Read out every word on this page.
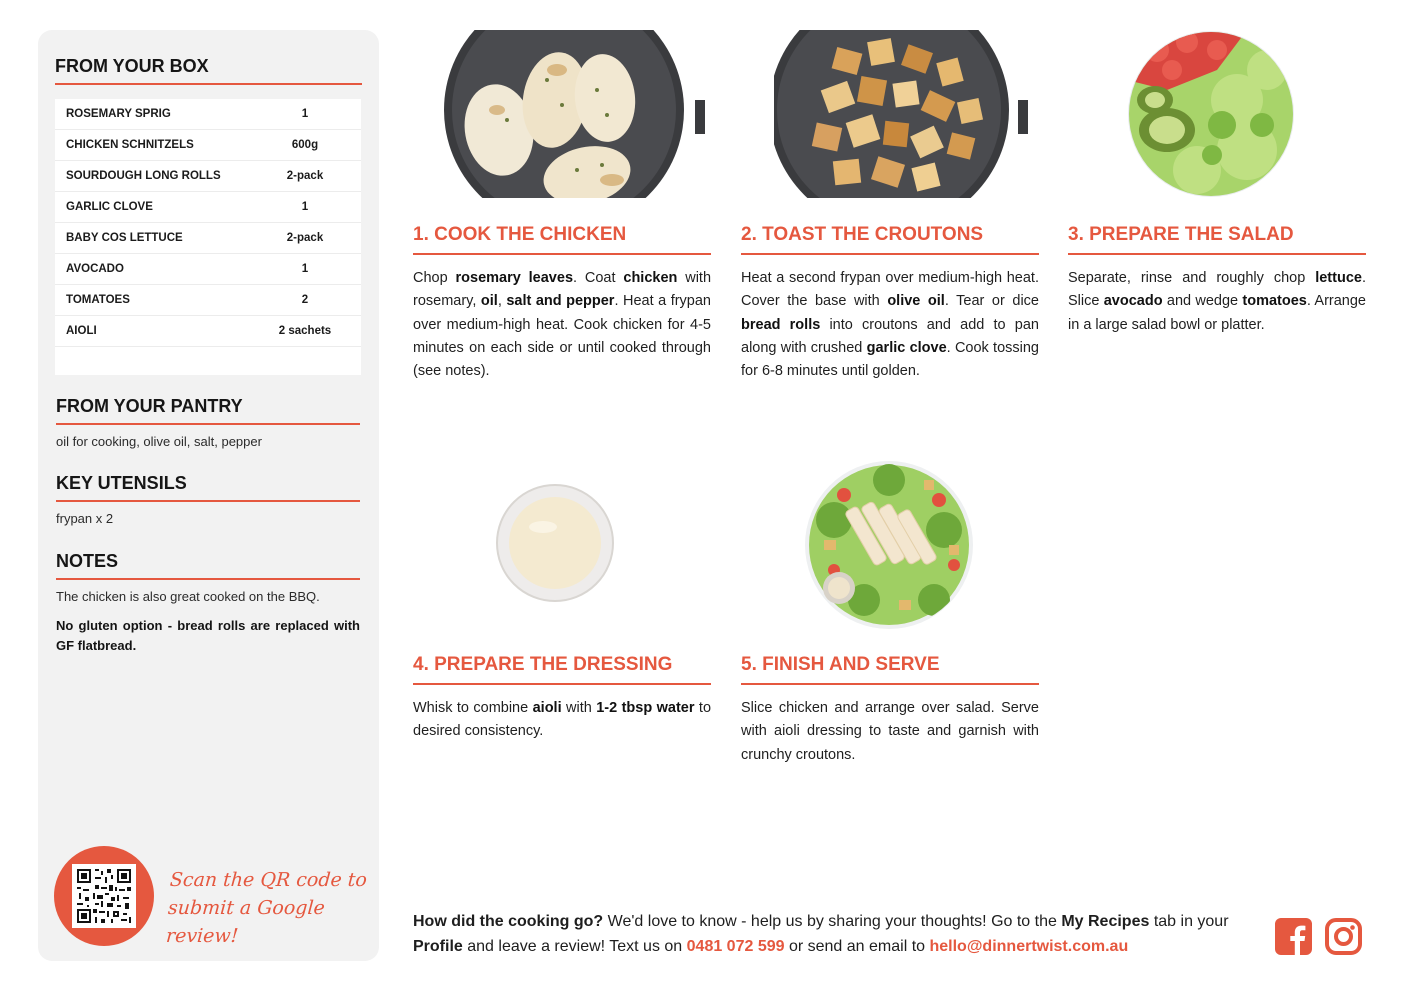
FROM YOUR BOX
ROSEMARY SPRIG	1
CHICKEN SCHNITZELS	600g
SOURDOUGH LONG ROLLS	2-pack
GARLIC CLOVE	1
BABY COS LETTUCE	2-pack
AVOCADO	1
TOMATOES	2
AIOLI	2 sachets
FROM YOUR PANTRY
oil for cooking, olive oil, salt, pepper
KEY UTENSILS
frypan x 2
NOTES
The chicken is also great cooked on the BBQ.
No gluten option - bread rolls are replaced with GF flatbread.
Scan the QR code to
submit a Google review!
1. COOK THE CHICKEN
Chop rosemary leaves. Coat chicken with rosemary, oil, salt and pepper. Heat a frypan over medium-high heat. Cook chicken for 4-5 minutes on each side or until cooked through (see notes).
2. TOAST THE CROUTONS
Heat a second frypan over medium-high heat. Cover the base with olive oil. Tear or dice bread rolls into croutons and add to pan along with crushed garlic clove. Cook tossing for 6-8 minutes until golden.
3. PREPARE THE SALAD
Separate, rinse and roughly chop lettuce. Slice avocado and wedge tomatoes. Arrange in a large salad bowl or platter.
4. PREPARE THE DRESSING
Whisk to combine aioli with 1-2 tbsp water to desired consistency.
5. FINISH AND SERVE
Slice chicken and arrange over salad. Serve with aioli dressing to taste and garnish with crunchy croutons.
How did the cooking go? We'd love to know - help us by sharing your thoughts! Go to the My Recipes tab in your Profile and leave a review! Text us on 0481 072 599 or send an email to hello@dinnertwist.com.au
